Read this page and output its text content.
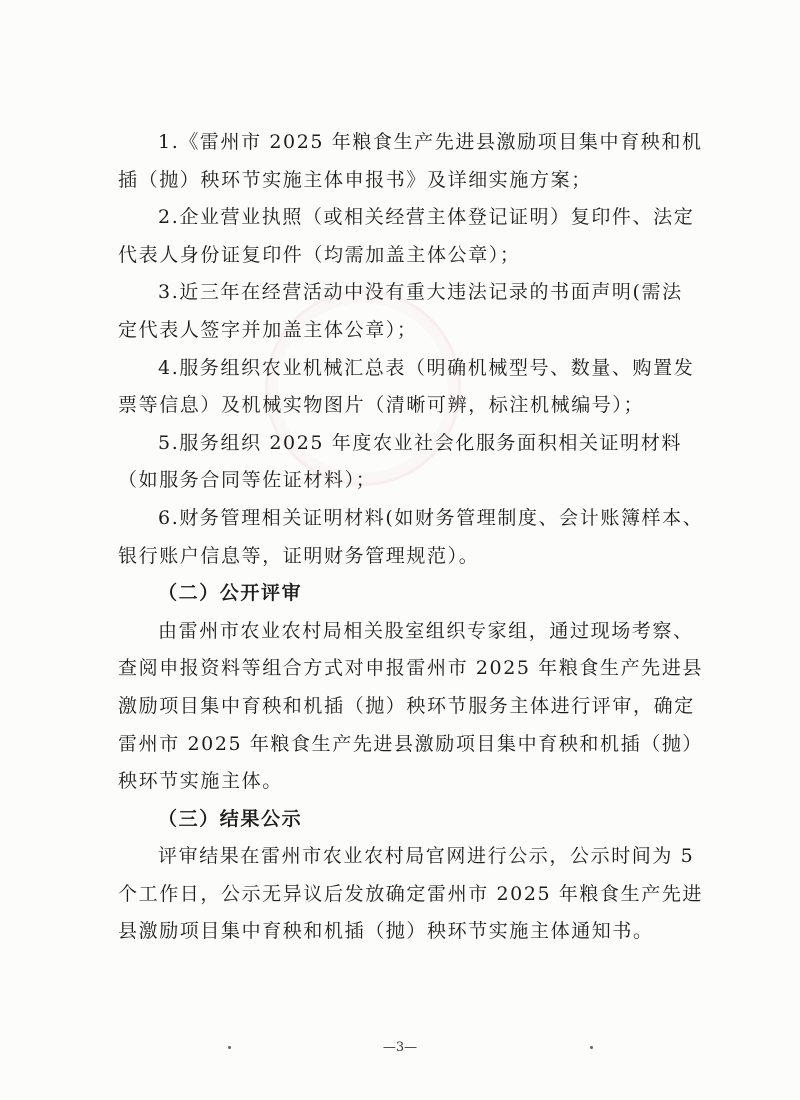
1.《雷州市 2025 年粮食生产先进县激励项目集中育秧和机
插（抛）秧环节实施主体申报书》及详细实施方案；
2.企业营业执照（或相关经营主体登记证明）复印件、法定
代表人身份证复印件（均需加盖主体公章）；
3.近三年在经营活动中没有重大违法记录的书面声明(需法
定代表人签字并加盖主体公章）；
4.服务组织农业机械汇总表（明确机械型号、数量、购置发
票等信息）及机械实物图片（清晰可辨，标注机械编号）；
5.服务组织 2025 年度农业社会化服务面积相关证明材料
（如服务合同等佐证材料）；
6.财务管理相关证明材料(如财务管理制度、会计账簿样本、
银行账户信息等，证明财务管理规范）。
（二）公开评审
由雷州市农业农村局相关股室组织专家组，通过现场考察、
查阅申报资料等组合方式对申报雷州市 2025 年粮食生产先进县
激励项目集中育秧和机插（抛）秧环节服务主体进行评审，确定
雷州市 2025 年粮食生产先进县激励项目集中育秧和机插（抛）
秧环节实施主体。
（三）结果公示
评审结果在雷州市农业农村局官网进行公示，公示时间为 5
个工作日，公示无异议后发放确定雷州市 2025 年粮食生产先进
县激励项目集中育秧和机插（抛）秧环节实施主体通知书。
—3—
